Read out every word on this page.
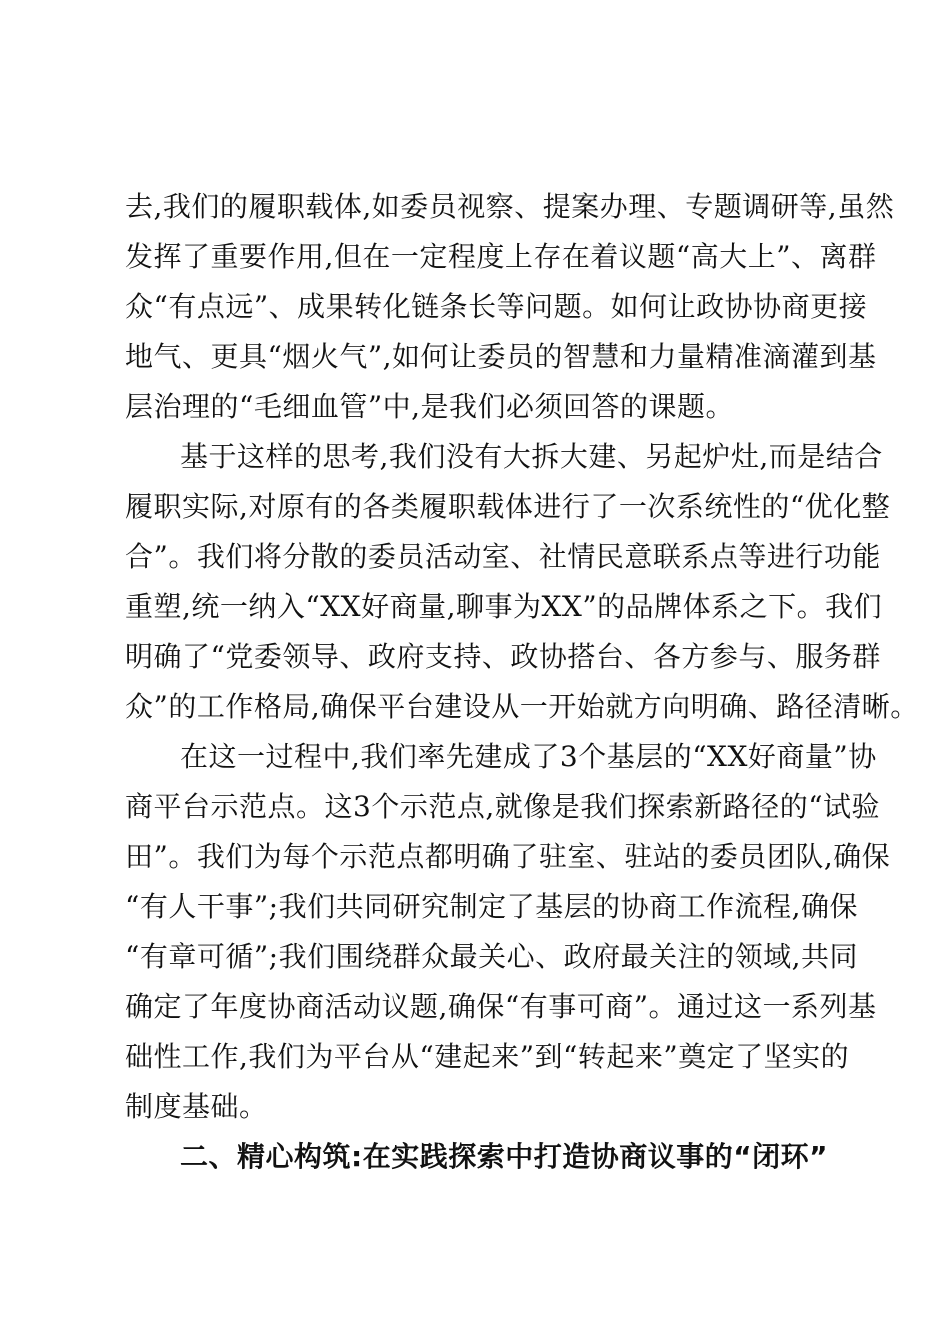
去,我们的履职载体,如委员视察、提案办理、专题调研等,虽然
发挥了重要作用,但在一定程度上存在着议题“高大上”、离群
众“有点远”、成果转化链条长等问题。如何让政协协商更接
地气、更具“烟火气”,如何让委员的智慧和力量精准滴灌到基
层治理的“毛细血管”中,是我们必须回答的课题。
基于这样的思考,我们没有大拆大建、另起炉灶,而是结合
履职实际,对原有的各类履职载体进行了一次系统性的“优化整
合”。我们将分散的委员活动室、社情民意联系点等进行功能
重塑,统一纳入“XX好商量,聊事为XX”的品牌体系之下。我们
明确了“党委领导、政府支持、政协搭台、各方参与、服务群
众”的工作格局,确保平台建设从一开始就方向明确、路径清晰。
在这一过程中,我们率先建成了3个基层的“XX好商量”协
商平台示范点。这3个示范点,就像是我们探索新路径的“试验
田”。我们为每个示范点都明确了驻室、驻站的委员团队,确保
“有人干事”;我们共同研究制定了基层的协商工作流程,确保
“有章可循”;我们围绕群众最关心、政府最关注的领域,共同
确定了年度协商活动议题,确保“有事可商”。通过这一系列基
础性工作,我们为平台从“建起来”到“转起来”奠定了坚实的
制度基础。
二、精心构筑:在实践探索中打造协商议事的“闭环”
